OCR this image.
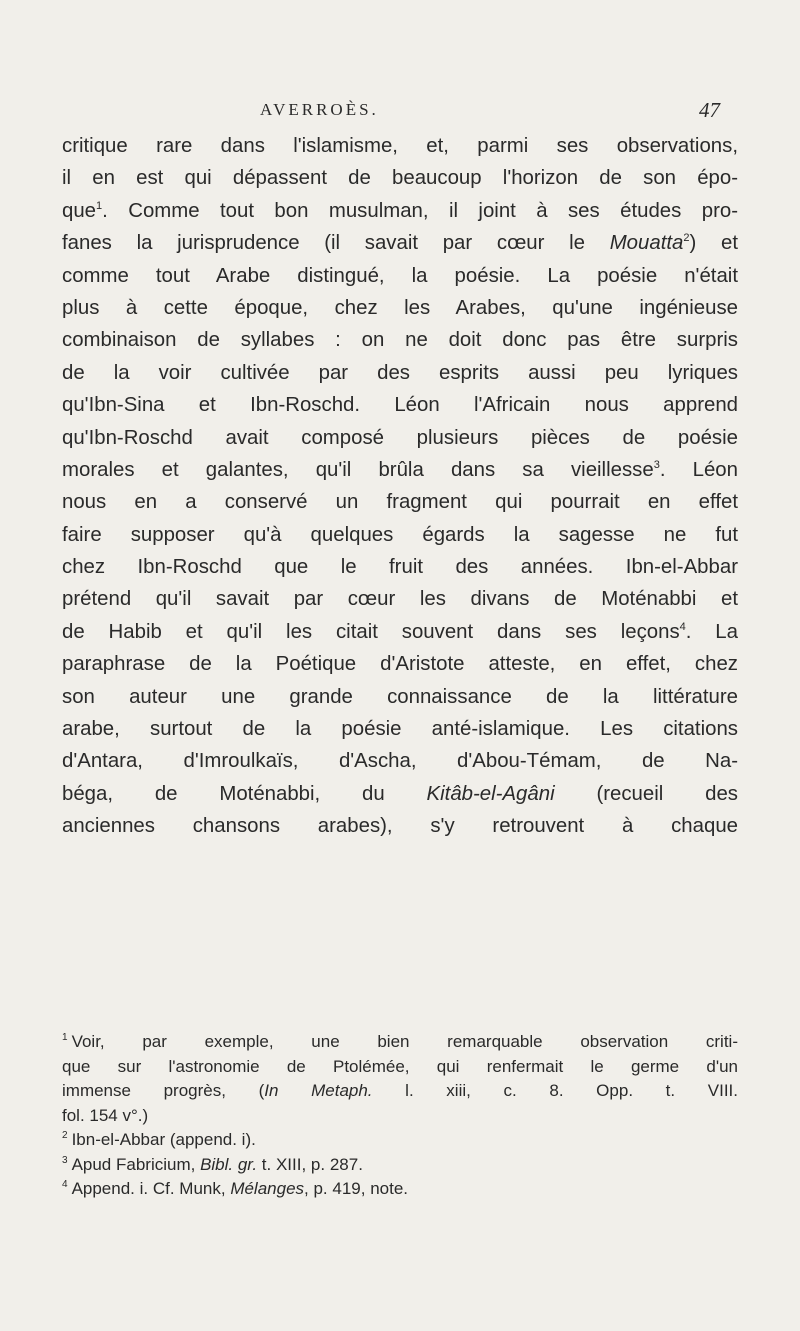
AVERROÈS.	47
critique rare dans l'islamisme, et, parmi ses observations,
il en est qui dépassent de beaucoup l'horizon de son épo-
que$^1$. Comme tout bon musulman, il joint à ses études pro-
fanes la jurisprudence (il savait par cœur le Mouatta$^2$) et
comme tout Arabe distingué, la poésie. La poésie n'était
plus à cette époque, chez les Arabes, qu'une ingénieuse
combinaison de syllabes : on ne doit donc pas être surpris
de la voir cultivée par des esprits aussi peu lyriques
qu'Ibn-Sina et Ibn-Roschd. Léon l'Africain nous apprend
qu'Ibn-Roschd avait composé plusieurs pièces de poésie
morales et galantes, qu'il brûla dans sa vieillesse$^3$. Léon
nous en a conservé un fragment qui pourrait en effet
faire supposer qu'à quelques égards la sagesse ne fut
chez Ibn-Roschd que le fruit des années. Ibn-el-Abbar
prétend qu'il savait par cœur les divans de Moténabbi et
de Habib et qu'il les citait souvent dans ses leçons$^4$. La
paraphrase de la Poétique d'Aristote atteste, en effet, chez
son auteur une grande connaissance de la littérature
arabe, surtout de la poésie anté-islamique. Les citations
d'Antara, d'Imroulkaïs, d'Ascha, d'Abou-Témam, de Na-
béga, de Moténabbi, du Kitâb-el-Agâni (recueil des
anciennes chansons arabes), s'y retrouvent à chaque
$^1$ Voir, par exemple, une bien remarquable observation criti-
que sur l'astronomie de Ptolémée, qui renfermait le germe d'un
immense progrès, (In Metaph. l. xiii, c. 8. Opp. t. VIII.
fol. 154 v°.)
$^2$ Ibn-el-Abbar (append. i).
$^3$ Apud Fabricium, Bibl. gr. t. XIII, p. 287.
$^4$ Append. i. Cf. Munk, Mélanges, p. 419, note.
